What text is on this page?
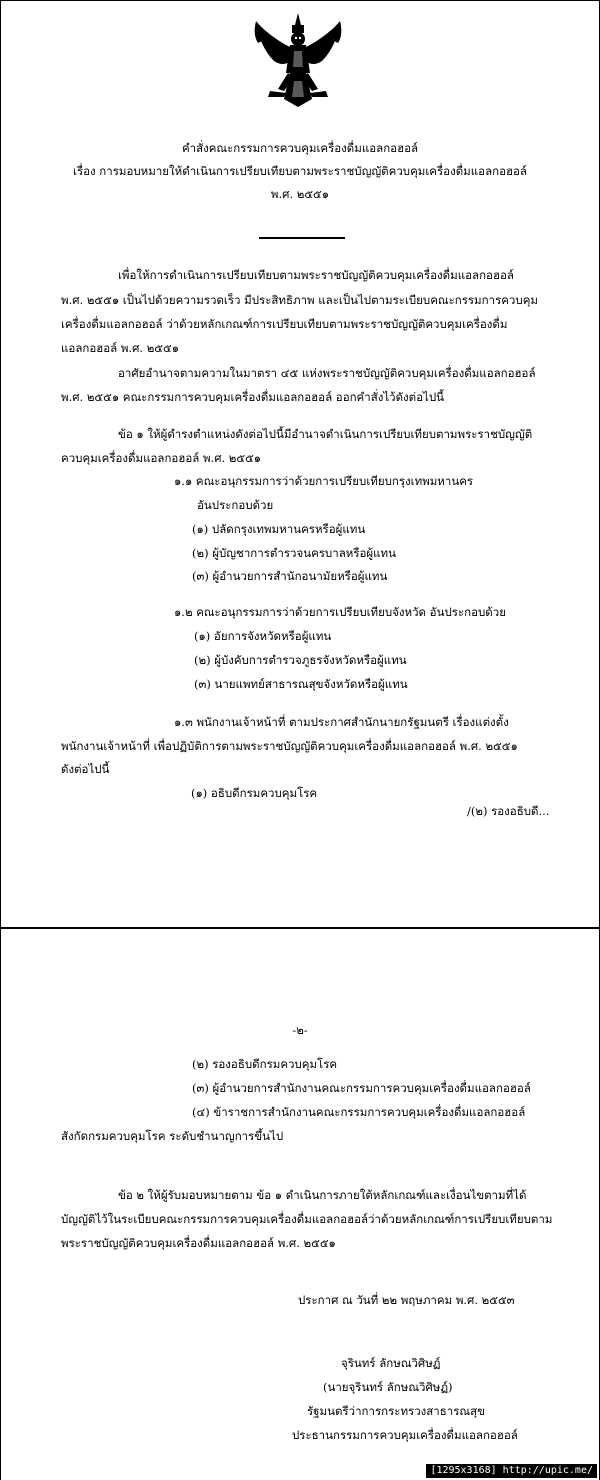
คำสั่งคณะกรรมการควบคุมเครื่องดื่มแอลกอฮอล์
เรื่อง การมอบหมายให้ดำเนินการเปรียบเทียบตามพระราชบัญญัติควบคุมเครื่องดื่มแอลกอฮอล์
พ.ศ. ๒๕๕๑
เพื่อให้การดำเนินการเปรียบเทียบตามพระราชบัญญัติควบคุมเครื่องดื่มแอลกอฮอล์
พ.ศ. ๒๕๕๑ เป็นไปด้วยความรวดเร็ว มีประสิทธิภาพ และเป็นไปตามระเบียบคณะกรรมการควบคุม
เครื่องดื่มแอลกอฮอล์ ว่าด้วยหลักเกณฑ์การเปรียบเทียบตามพระราชบัญญัติควบคุมเครื่องดื่ม
แอลกอฮอล์ พ.ศ. ๒๕๕๑
อาศัยอำนาจตามความในมาตรา ๔๕ แห่งพระราชบัญญัติควบคุมเครื่องดื่มแอลกอฮอล์
พ.ศ. ๒๕๕๑ คณะกรรมการควบคุมเครื่องดื่มแอลกอฮอล์ ออกคำสั่งไว้ดังต่อไปนี้
ข้อ ๑ ให้ผู้ดำรงตำแหน่งดังต่อไปนี้มีอำนาจดำเนินการเปรียบเทียบตามพระราชบัญญัติ
ควบคุมเครื่องดื่มแอลกอฮอล์ พ.ศ. ๒๕๕๑
๑.๑ คณะอนุกรรมการว่าด้วยการเปรียบเทียบกรุงเทพมหานคร
อันประกอบด้วย
(๑) ปลัดกรุงเทพมหานครหรือผู้แทน
(๒) ผู้บัญชาการตำรวจนครบาลหรือผู้แทน
(๓) ผู้อำนวยการสำนักอนามัยหรือผู้แทน
๑.๒ คณะอนุกรรมการว่าด้วยการเปรียบเทียบจังหวัด อันประกอบด้วย
(๑) อัยการจังหวัดหรือผู้แทน
(๒) ผู้บังคับการตำรวจภูธรจังหวัดหรือผู้แทน
(๓) นายแพทย์สาธารณสุขจังหวัดหรือผู้แทน
๑.๓ พนักงานเจ้าหน้าที่ ตามประกาศสำนักนายกรัฐมนตรี เรื่องแต่งตั้ง
พนักงานเจ้าหน้าที่ เพื่อปฏิบัติการตามพระราชบัญญัติควบคุมเครื่องดื่มแอลกอฮอล์ พ.ศ. ๒๕๕๑
ดังต่อไปนี้
(๑) อธิบดีกรมควบคุมโรค
/(๒) รองอธิบดี...
-๒-
(๒) รองอธิบดีกรมควบคุมโรค
(๓) ผู้อำนวยการสำนักงานคณะกรรมการควบคุมเครื่องดื่มแอลกอฮอล์
(๔) ข้าราชการสำนักงานคณะกรรมการควบคุมเครื่องดื่มแอลกอฮอล์
สังกัดกรมควบคุมโรค ระดับชำนาญการขึ้นไป
ข้อ ๒ ให้ผู้รับมอบหมายตาม ข้อ ๑ ดำเนินการภายใต้หลักเกณฑ์และเงื่อนไขตามที่ได้
บัญญัติไว้ในระเบียบคณะกรรมการควบคุมเครื่องดื่มแอลกอฮอล์ว่าด้วยหลักเกณฑ์การเปรียบเทียบตาม
พระราชบัญญัติควบคุมเครื่องดื่มแอลกอฮอล์ พ.ศ. ๒๕๕๑
ประกาศ ณ วันที่ ๒๒ พฤษภาคม พ.ศ. ๒๕๕๓
จุรินทร์ ลักษณวิศิษฏ์
(นายจุรินทร์ ลักษณวิศิษฏ์)
รัฐมนตรีว่าการกระทรวงสาธารณสุข
ประธานกรรมการควบคุมเครื่องดื่มแอลกอฮอล์
[1295x3168] http://upic.me/
